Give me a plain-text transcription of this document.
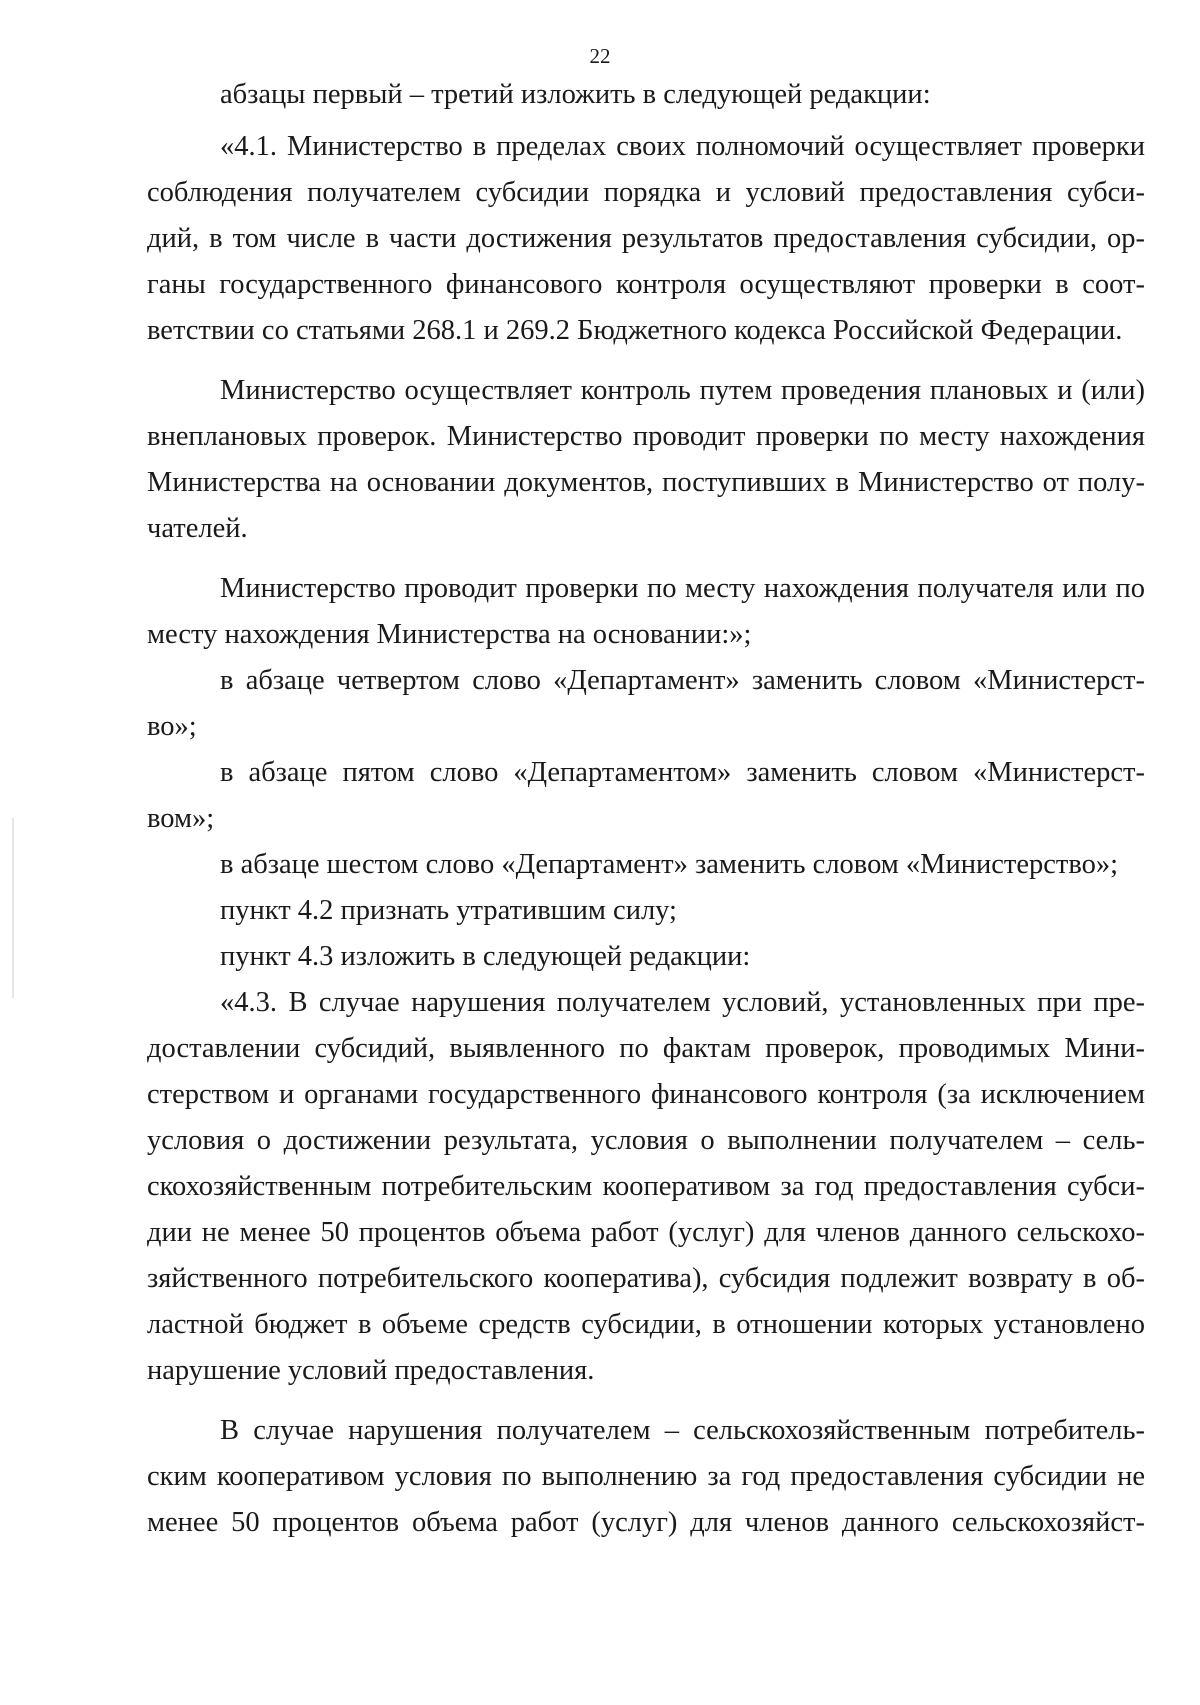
22
абзацы первый – третий изложить в следующей редакции:
«4.1. Министерство в пределах своих полномочий осуществляет проверки
соблюдения получателем субсидии порядка и условий предоставления субси-
дий, в том числе в части достижения результатов предоставления субсидии, ор-
ганы государственного финансового контроля осуществляют проверки в соот-
ветствии со статьями 268.1 и 269.2 Бюджетного кодекса Российской Федерации.
Министерство осуществляет контроль путем проведения плановых и (или)
внеплановых проверок. Министерство проводит проверки по месту нахождения
Министерства на основании документов, поступивших в Министерство от полу-
чателей.
Министерство проводит проверки по месту нахождения получателя или по
месту нахождения Министерства на основании:»;
в абзаце четвертом слово «Департамент» заменить словом «Министерст-
во»;
в абзаце пятом слово «Департаментом» заменить словом «Министерст-
вом»;
в абзаце шестом слово «Департамент» заменить словом «Министерство»;
пункт 4.2 признать утратившим силу;
пункт 4.3 изложить в следующей редакции:
«4.3. В случае нарушения получателем условий, установленных при пре-
доставлении субсидий, выявленного по фактам проверок, проводимых Мини-
стерством и органами государственного финансового контроля (за исключением
условия о достижении результата, условия о выполнении получателем – сель-
скохозяйственным потребительским кооперативом за год предоставления субси-
дии не менее 50 процентов объема работ (услуг) для членов данного сельскохо-
зяйственного потребительского кооператива), субсидия подлежит возврату в об-
ластной бюджет в объеме средств субсидии, в отношении которых установлено
нарушение условий предоставления.
В случае нарушения получателем – сельскохозяйственным потребитель-
ским кооперативом условия по выполнению за год предоставления субсидии не
менее 50 процентов объема работ (услуг) для членов данного сельскохозяйст-
